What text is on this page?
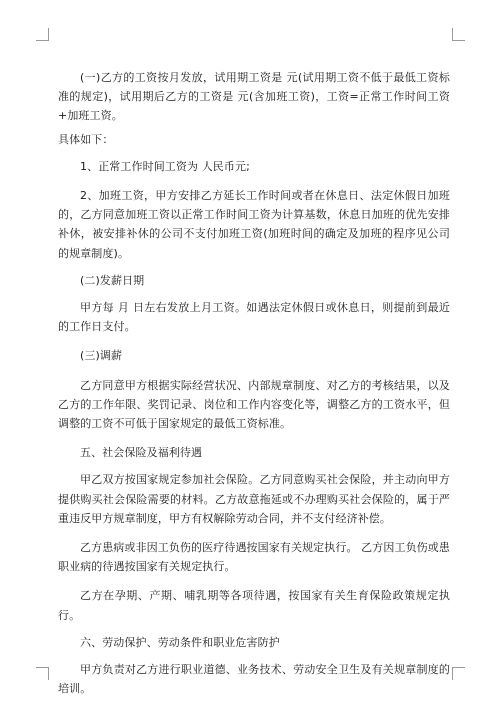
(一)乙方的工资按月发放，试用期工资是 元(试用期工资不低于最低工资标准的规定)，试用期后乙方的工资是 元(含加班工资)，工资=正常工作时间工资+加班工资。

具体如下：

1、正常工作时间工资为 人民币元;

2、加班工资，甲方安排乙方延长工作时间或者在休息日、法定休假日加班的，乙方同意加班工资以正常工作时间工资为计算基数，休息日加班的优先安排补休，被安排补休的公司不支付加班工资(加班时间的确定及加班的程序见公司的规章制度)。

(二)发薪日期

甲方每 月 日左右发放上月工资。如遇法定休假日或休息日，则提前到最近的工作日支付。

(三)调薪

乙方同意甲方根据实际经营状况、内部规章制度、对乙方的考核结果，以及乙方的工作年限、奖罚记录、岗位和工作内容变化等，调整乙方的工资水平，但调整的工资不可低于国家规定的最低工资标准。

五、社会保险及福利待遇

甲乙双方按国家规定参加社会保险。乙方同意购买社会保险，并主动向甲方提供购买社会保险需要的材料。乙方故意拖延或不办理购买社会保险的，属于严重违反甲方规章制度，甲方有权解除劳动合同，并不支付经济补偿。

乙方患病或非因工负伤的医疗待遇按国家有关规定执行。 乙方因工负伤或患职业病的待遇按国家有关规定执行。

乙方在孕期、产期、哺乳期等各项待遇，按国家有关生育保险政策规定执行。

六、劳动保护、劳动条件和职业危害防护

甲方负责对乙方进行职业道德、业务技术、劳动安全卫生及有关规章制度的培训。
